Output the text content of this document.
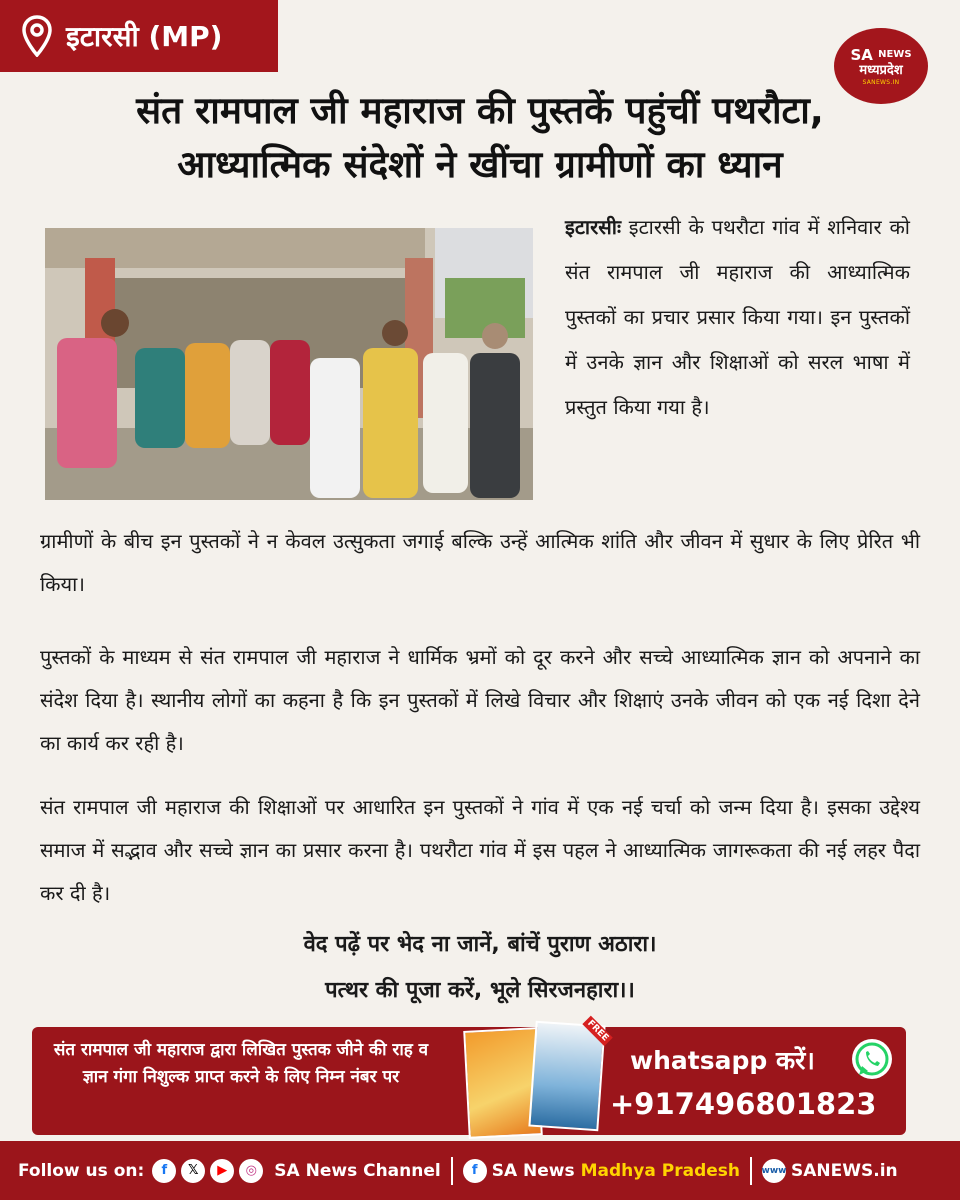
इटारसी (MP)
SA $^{NEWS}$
मध्यप्रदेश
SANEWS.IN
संत रामपाल जी महाराज की पुस्तकें पहुंचीं पथरौटा,
आध्यात्मिक संदेशों ने खींचा ग्रामीणों का ध्यान
इटारसीः इटारसी के पथरौटा गांव में शनिवार को संत रामपाल जी महाराज की आध्यात्मिक पुस्तकों का प्रचार प्रसार किया गया। इन पुस्तकों में उनके ज्ञान और शिक्षाओं को सरल भाषा में प्रस्तुत किया गया है।

ग्रामीणों के बीच इन पुस्तकों ने न केवल उत्सुकता जगाई बल्कि उन्हें आत्मिक शांति और जीवन में सुधार के लिए प्रेरित भी किया।

पुस्तकों के माध्यम से संत रामपाल जी महाराज ने धार्मिक भ्रमों को दूर करने और सच्चे आध्यात्मिक ज्ञान को अपनाने का संदेश दिया है। स्थानीय लोगों का कहना है कि इन पुस्तकों में लिखे विचार और शिक्षाएं उनके जीवन को एक नई दिशा देने का कार्य कर रही है।

संत रामपाल जी महाराज की शिक्षाओं पर आधारित इन पुस्तकों ने गांव में एक नई चर्चा को जन्म दिया है। इसका उद्देश्य समाज में सद्भाव और सच्चे ज्ञान का प्रसार करना है। पथरौटा गांव में इस पहल ने आध्यात्मिक जागरूकता की नई लहर पैदा कर दी है।

वेद पढ़ें पर भेद ना जानें, बांचें पुराण अठारा।
पत्थर की पूजा करें, भूले सिरजनहारा।।
संत रामपाल जी महाराज द्वारा लिखित पुस्तक जीने की राह व ज्ञान गंगा निशुल्क प्राप्त करने के लिए निम्न नंबर पर
FREE
whatsapp करें।
+917496801823
Follow us on:	f	𝕏	▶	◎	SA News Channel	f SA News Madhya Pradesh www SANEWS.in
